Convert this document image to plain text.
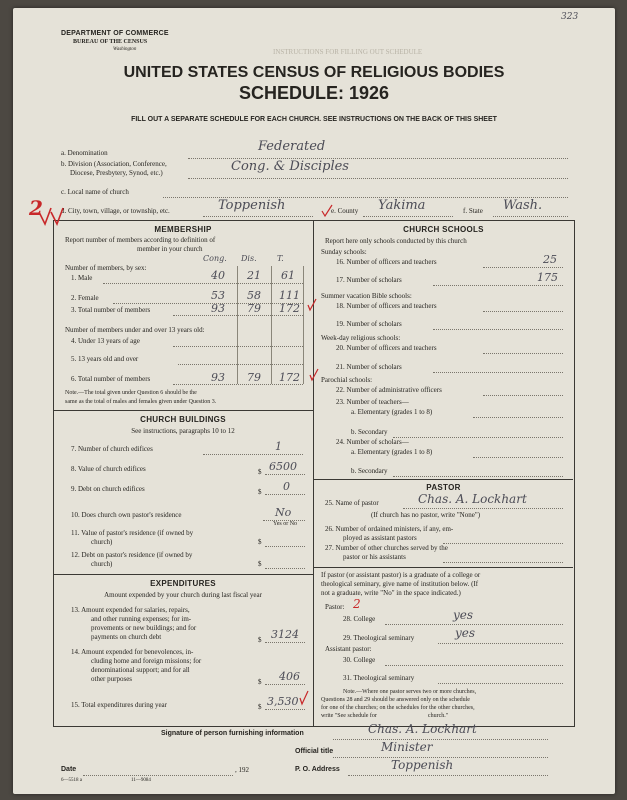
323
DEPARTMENT OF COMMERCE
BUREAU OF THE CENSUS
Washington	INSTRUCTIONS FOR FILLING OUT SCHEDULE
UNITED STATES CENSUS OF RELIGIOUS BODIES
SCHEDULE: 1926
FILL OUT A SEPARATE SCHEDULE FOR EACH CHURCH. SEE INSTRUCTIONS ON THE BACK OF THIS SHEET
a. Denomination	Federated
b. Division (Association, Conference,
Diocese, Presbytery, Synod, etc.)	Cong. & Disciples
c. Local name of church
2	d. City, town, village, or township, etc.	Toppenish	e. County Yakima	f. State Wash.
MEMBERSHIP
Report number of members according to definition of
member in your church
Cong. Dis.	T.
Number of members, by sex:
1. Male	40 21 61
2. Female	53 58 111
3. Total number of members	93 79 172
Number of members under and over 13 years old:
4. Under 13 years of age
5. 13 years old and over
6. Total number of members	93 79 172
Note.—The total given under Question 6 should be the
same as the total of males and females given under Question 3.
CHURCH BUILDINGS
See instructions, paragraphs 10 to 12
7. Number of church edifices	1
8. Value of church edifices	$ 6500
9. Debt on church edifices	$ 0
10. Does church own pastor's residence	No
Yes or No
11. Value of pastor's residence (if owned by
church)	$
12. Debt on pastor's residence (if owned by
church)	$
EXPENDITURES
Amount expended by your church during last fiscal year
13. Amount expended for salaries, repairs,
and other running expenses; for im-
provements or new buildings; and for
payments on church debt	$ 3124
14. Amount expended for benevolences, in-
cluding home and foreign missions; for
denominational support; and for all
other purposes	$ 406
15. Total expenditures during year	$ 3,530
CHURCH SCHOOLS
Report here only schools conducted by this church
Sunday schools:
16. Number of officers and teachers	25
17. Number of scholars	175
Summer vacation Bible schools:
18. Number of officers and teachers
19. Number of scholars
Week-day religious schools:
20. Number of officers and teachers
21. Number of scholars
Parochial schools:
22. Number of administrative officers
23. Number of teachers—
a. Elementary (grades 1 to 8)
b. Secondary
24. Number of scholars—
a. Elementary (grades 1 to 8)
b. Secondary
PASTOR
25. Name of pastor	Chas. A. Lockhart
(If church has no pastor, write "None")
26. Number of ordained ministers, if any, em-
ployed as assistant pastors
27. Number of other churches served by the
pastor or his assistants
If pastor (or assistant pastor) is a graduate of a college or
theological seminary, give name of institution below. (If
not a graduate, write "No" in the space indicated.)
Pastor: 2
28. College	yes
29. Theological seminary	yes
Assistant pastor:
30. College
31. Theological seminary
Note.—Where one pastor serves two or more churches,
Questions 28 and 29 should be answered only on the schedule
for one of the churches; on the schedules for the other churches,
write "See schedule for                                  church."
Signature of person furnishing information	Chas. A. Lockhart
Official title	Minister
Date	, 192	P. O. Address	Toppenish
6—5518 a	11—9084
